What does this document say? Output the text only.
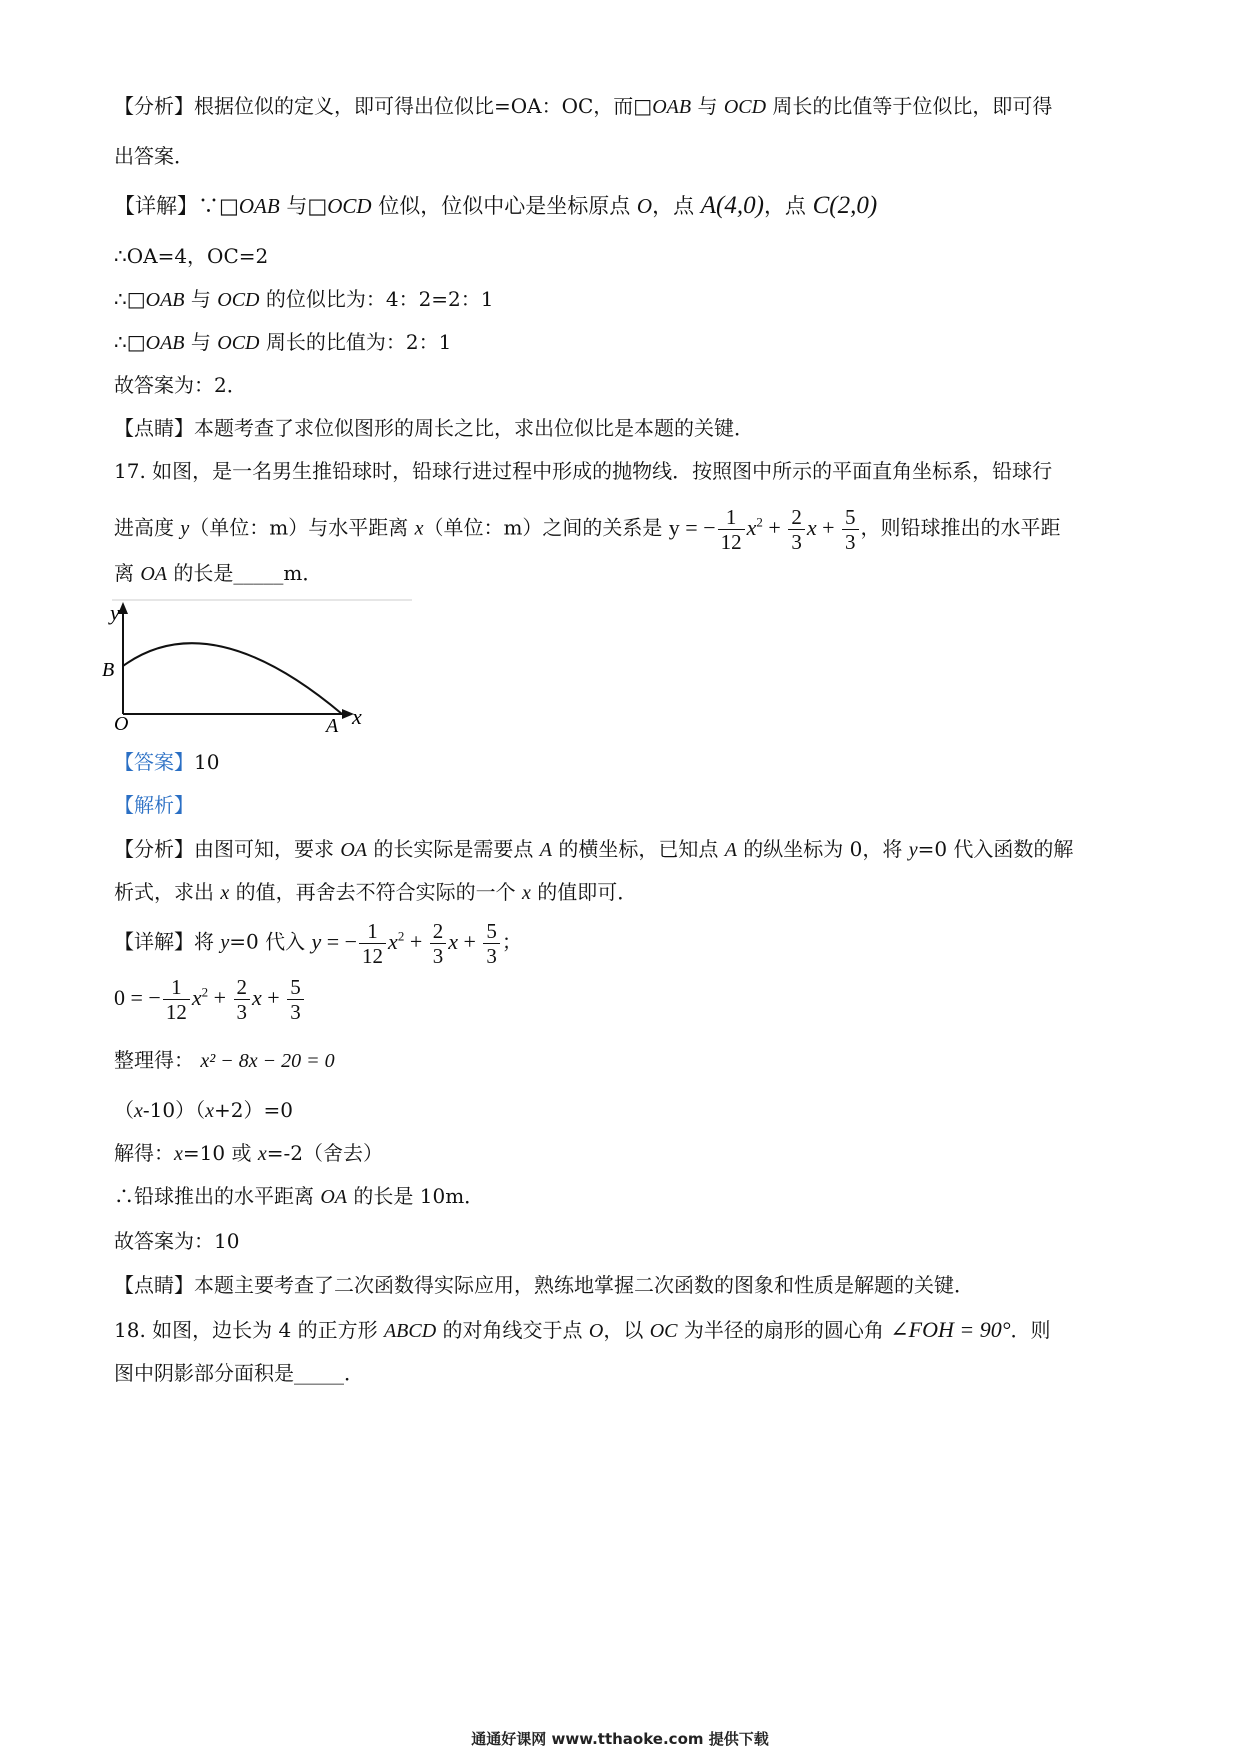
【分析】根据位似的定义，即可得出位似比=OA：OC，而□OAB 与 OCD 周长的比值等于位似比，即可得
出答案．
【详解】∵□OAB 与□OCD 位似，位似中心是坐标原点 O，点 A(4,0)，点 C(2,0)
∴OA=4，OC=2
∴□OAB 与 OCD 的位似比为：4：2=2：1
∴□OAB 与 OCD 周长的比值为：2：1
故答案为：2．
【点睛】本题考查了求位似图形的周长之比，求出位似比是本题的关键．
17. 如图，是一名男生推铅球时，铅球行进过程中形成的抛物线．按照图中所示的平面直角坐标系，铅球行
进高度 y（单位：m）与水平距离 x（单位：m）之间的关系是 y = − $\frac{1}{12} x^2 + \frac{2}{3}$ $x + \frac{5}{3}$ ，则铅球推出的水平距
离 OA 的长是_____m．
y
B
O	A x
【答案】10
【解析】
【分析】由图可知，要求 OA 的长实际是需要点 A 的横坐标，已知点 A 的纵坐标为 0，将 y=0 代入函数的解
析式，求出 x 的值，再舍去不符合实际的一个 x 的值即可．
【详解】将 y=0 代入 y = − $\frac{1}{12} x^2 + \frac{2}{3}$ $x + \frac{5}{3}$ ；
0 = − $\frac{1}{12} x^2 + \frac{2}{3}$ $x + \frac{5}{3}$
整理得： x² − 8x − 20 = 0
（x-10）（x+2）=0
解得：x=10 或 x=-2（舍去）
∴铅球推出的水平距离 OA 的长是 10m．
故答案为：10
【点睛】本题主要考查了二次函数得实际应用，熟练地掌握二次函数的图象和性质是解题的关键．
18. 如图，边长为 4 的正方形 ABCD 的对角线交于点 O，以 OC 为半径的扇形的圆心角 ∠FOH = 90°．则
图中阴影部分面积是_____．
通通好课网 www.tthaoke.com 提供下载
